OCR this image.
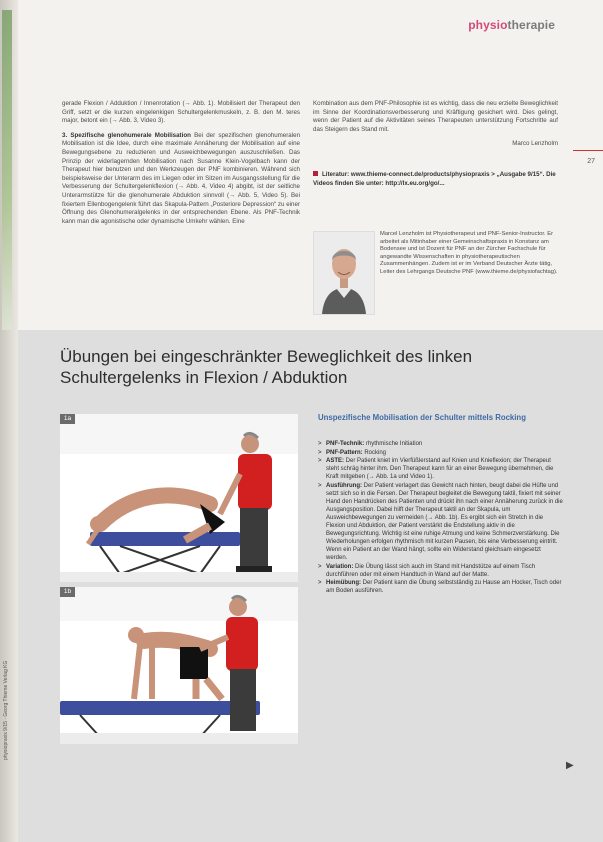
physiotherapie
27

gerade Flexion / Adduktion / Innenrotation (→ Abb. 1). Mobilisiert der Therapeut den Griff, setzt er die kurzen eingelenkigen Schultergelenkmuskeln, z. B. den M. teres major, betont ein (→ Abb. 3, Video 3).

3. Spezifische glenohumerale Mobilisation Bei der spezifischen glenohumeralen Mobilisation ist die Idee, durch eine maximale Annäherung der Mobilisation auf eine Bewegungsebene zu reduzieren und Ausweichbewegungen auszuschließen. Das Prinzip der widerlagernden Mobilisation nach Susanne Klein-Vogelbach kann der Therapeut hier benutzen und den Werkzeugen der PNF kombinieren. Während sich beispielsweise der Unterarm des im Liegen oder im Sitzen im Ausgangsstellung für die Verbesserung der Schultergelenkflexion (→ Abb. 4, Video 4) abgibt, ist der seitliche Unterarmstütze für die glenohumerale Abduktion sinnvoll (→ Abb. 5, Video 5). Bei fixiertem Ellenbogengelenk führt das Skapula-Pattern „Posteriore Depression“ zu einer Öffnung des Glenohumeralgelenks in der entsprechenden Ebene. Als PNF-Technik kann man die agonistische oder dynamische Umkehr wählen. Eine

Kombination aus dem PNF-Philosophie ist es wichtig, dass die neu erzielte Beweglichkeit im Sinne der Koordinationsverbesserung und Kräftigung gesichert wird. Dies gelingt, wenn der Patient auf die Aktivitäten seines Therapeuten unterstützung Fortschritte auf das Steigern des Stand mit.

Marco Lenzholm

Literatur: www.thieme-connect.de/products/physiopraxis > „Ausgabe 9/15“. Die Videos finden Sie unter: http://lx.eu.org/go/...
Marcel Lenzholm ist Physiotherapeut und PNF-Senior-Instructor. Er arbeitet als Mitinhaber einer Gemeinschaftspraxis in Konstanz am Bodensee und ist Dozent für PNF an der Zürcher Fachschule für angewandte Wissenschaften in physiotherapeutischen Zusammenhängen. Zudem ist er im Verband Deutscher Ärzte tätig, Leiter des Lehrgangs Deutsche PNF (www.thieme.de/physiofachtag).
Übungen bei eingeschränkter Beweglichkeit des linken
Schultergelenks in Flexion / Abduktion
1a
1b
Unspezifische Mobilisation der Schulter mittels Rocking
> PNF-Technik: rhythmische Initiation
> PNF-Pattern: Rocking
> ASTE: Der Patient kniet im Vierfüßlerstand auf Knien und Knieflexion; der Therapeut steht schräg hinter ihm. Den Therapeut kann für an einer Bewegung übernehmen, die Kraft mitgeben (→ Abb. 1a und Video 1).
> Ausführung: Der Patient verlagert das Gewicht nach hinten, beugt dabei die Hüfte und setzt sich so in die Fersen. Der Therapeut begleitet die Bewegung taktil, fixiert mit seiner Hand den Handrücken des Patienten und drückt ihn nach einer Annäherung zurück in die Ausgangsposition. Dabei hilft der Therapeut taktil an der Skapula, um Ausweichbewegungen zu vermeiden (→ Abb. 1b). Es ergibt sich ein Stretch in die Flexion und Abduktion, der Patient verstärkt die Endstellung aktiv in die Bewegungsrichtung. Wichtig ist eine ruhige Atmung und keine Schmerzverstärkung. Die Wiederholungen erfolgen rhythmisch mit kurzen Pausen, bis eine Verbesserung eintritt. Wenn ein Patient an der Wand hängt, sollte ein Widerstand gleichsam eingesetzt werden.
> Variation: Die Übung lässt sich auch im Stand mit Handstütze auf einem Tisch durchführen oder mit einem Handtuch in Wand auf der Matte.
> Heimübung: Der Patient kann die Übung selbstständig zu Hause am Hocker, Tisch oder am Boden ausführen.
physiopraxis 9/15 · Georg Thieme Verlag KG
▶
